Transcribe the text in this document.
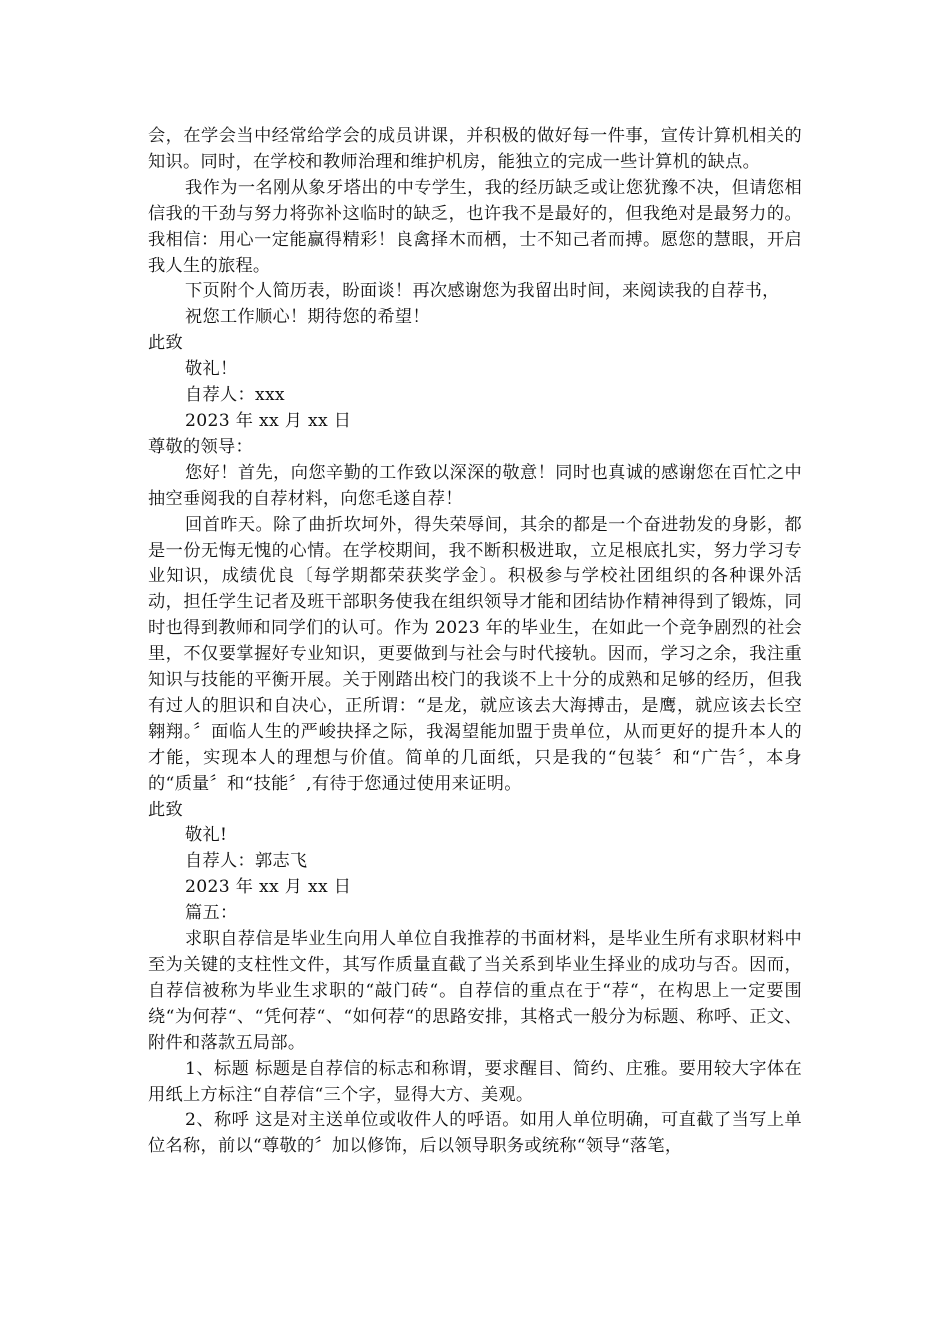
会，在学会当中经常给学会的成员讲课，并积极的做好每一件事，宣传计算机相关的知识。同时，在学校和教师治理和维护机房，能独立的完成一些计算机的缺点。

我作为一名刚从象牙塔出的中专学生，我的经历缺乏或让您犹豫不决，但请您相信我的干劲与努力将弥补这临时的缺乏，也许我不是最好的，但我绝对是最努力的。我相信：用心一定能赢得精彩！良禽择木而栖，士不知己者而搏。愿您的慧眼，开启我人生的旅程。

下页附个人简历表，盼面谈！再次感谢您为我留出时间，来阅读我的自荐书，

祝您工作顺心！期待您的希望！

此致

敬礼！

自荐人：xxx

2023 年 xx 月 xx 日

尊敬的领导：

您好！首先，向您辛勤的工作致以深深的敬意！同时也真诚的感谢您在百忙之中抽空垂阅我的自荐材料，向您毛遂自荐！

回首昨天。除了曲折坎坷外，得失荣辱间，其余的都是一个奋进勃发的身影，都是一份无悔无愧的心情。在学校期间，我不断积极进取，立足根底扎实，努力学习专业知识，成绩优良〔每学期都荣获奖学金〕。积极参与学校社团组织的各种课外活动，担任学生记者及班干部职务使我在组织领导才能和团结协作精神得到了锻炼，同时也得到教师和同学们的认可。作为 2023 年的毕业生，在如此一个竞争剧烈的社会里，不仅要掌握好专业知识，更要做到与社会与时代接轨。因而，学习之余，我注重知识与技能的平衡开展。关于刚踏出校门的我谈不上十分的成熟和足够的经历，但我有过人的胆识和自决心，正所谓：“是龙，就应该去大海搏击，是鹰，就应该去长空翱翔。〞面临人生的严峻抉择之际，我渴望能加盟于贵单位，从而更好的提升本人的才能，实现本人的理想与价值。简单的几面纸，只是我的“包装〞和“广告〞，本身的“质量〞和“技能〞,有待于您通过使用来证明。

此致

敬礼!

自荐人：郭志飞

2023 年 xx 月 xx 日

篇五：

求职自荐信是毕业生向用人单位自我推荐的书面材料，是毕业生所有求职材料中至为关键的支柱性文件，其写作质量直截了当关系到毕业生择业的成功与否。因而，自荐信被称为毕业生求职的“敲门砖“。自荐信的重点在于“荐“，在构思上一定要围绕“为何荐“、“凭何荐“、“如何荐“的思路安排，其格式一般分为标题、称呼、正文、附件和落款五局部。

1、标题 标题是自荐信的标志和称谓，要求醒目、简约、庄雅。要用较大字体在用纸上方标注“自荐信“三个字，显得大方、美观。

2、称呼 这是对主送单位或收件人的呼语。如用人单位明确，可直截了当写上单位名称，前以“尊敬的〞加以修饰，后以领导职务或统称“领导“落笔，
